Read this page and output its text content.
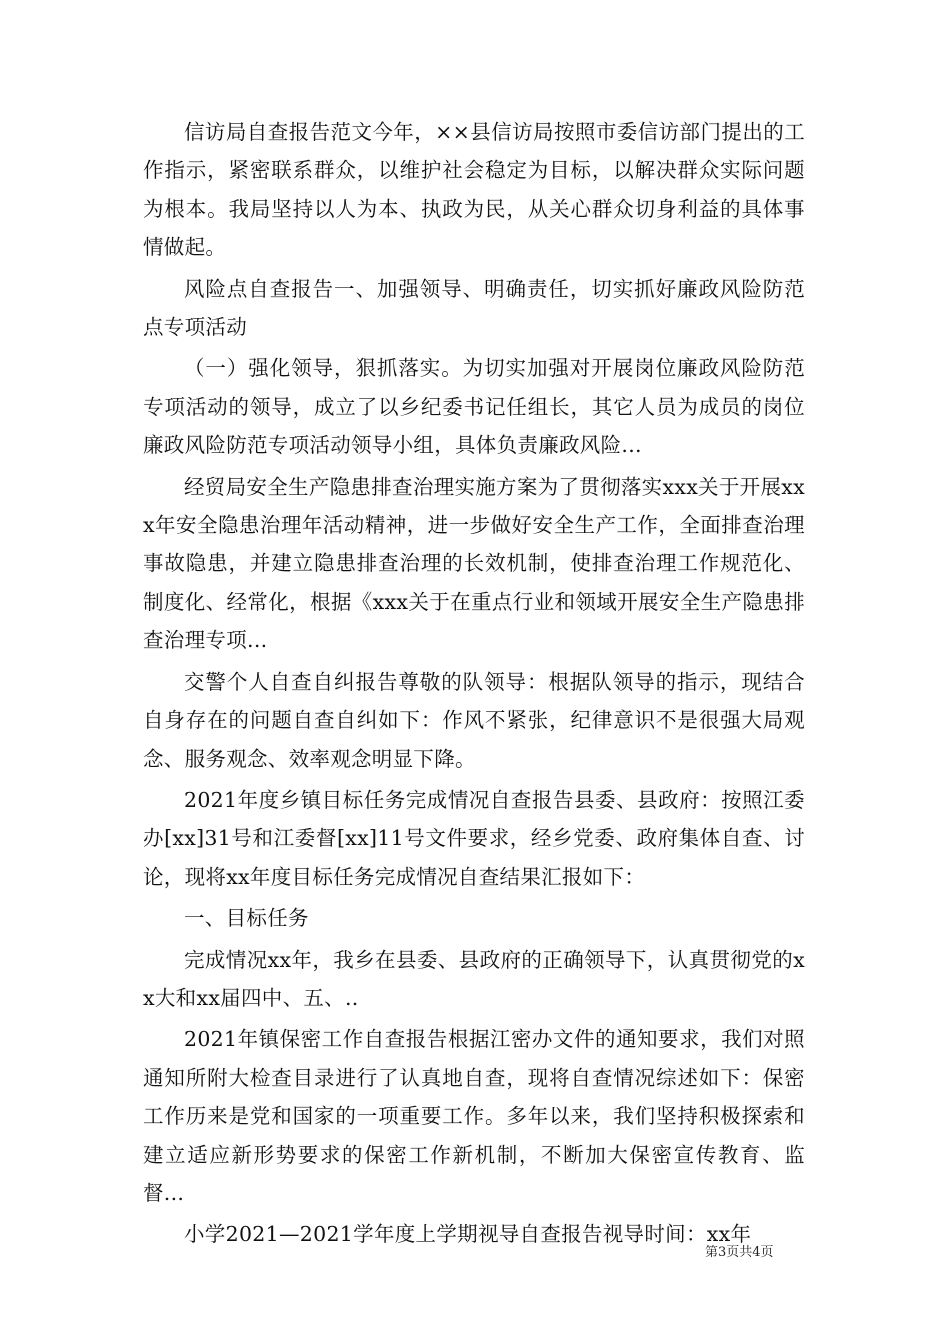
信访局自查报告范文今年，××县信访局按照市委信访部门提出的工作指示，紧密联系群众，以维护社会稳定为目标，以解决群众实际问题为根本。我局坚持以人为本、执政为民，从关心群众切身利益的具体事情做起。

风险点自查报告一、加强领导、明确责任，切实抓好廉政风险防范点专项活动

（一）强化领导，狠抓落实。为切实加强对开展岗位廉政风险防范专项活动的领导，成立了以乡纪委书记任组长，其它人员为成员的岗位廉政风险防范专项活动领导小组，具体负责廉政风险...

经贸局安全生产隐患排查治理实施方案为了贯彻落实xxx关于开展xxx年安全隐患治理年活动精神，进一步做好安全生产工作，全面排查治理事故隐患，并建立隐患排查治理的长效机制，使排查治理工作规范化、制度化、经常化，根据《xxx关于在重点行业和领域开展安全生产隐患排查治理专项...

交警个人自查自纠报告尊敬的队领导：根据队领导的指示，现结合自身存在的问题自查自纠如下：作风不紧张，纪律意识不是很强大局观念、服务观念、效率观念明显下降。

2021年度乡镇目标任务完成情况自查报告县委、县政府：按照江委办[xx]31号和江委督[xx]11号文件要求，经乡党委、政府集体自查、讨论，现将xx年度目标任务完成情况自查结果汇报如下：

一、目标任务

完成情况xx年，我乡在县委、县政府的正确领导下，认真贯彻党的xx大和xx届四中、五、..

2021年镇保密工作自查报告根据江密办文件的通知要求，我们对照通知所附大检查目录进行了认真地自查，现将自查情况综述如下：保密工作历来是党和国家的一项重要工作。多年以来，我们坚持积极探索和建立适应新形势要求的保密工作新机制，不断加大保密宣传教育、监督...

小学2021—2021学年度上学期视导自查报告视导时间：xx年

第3页共4页
